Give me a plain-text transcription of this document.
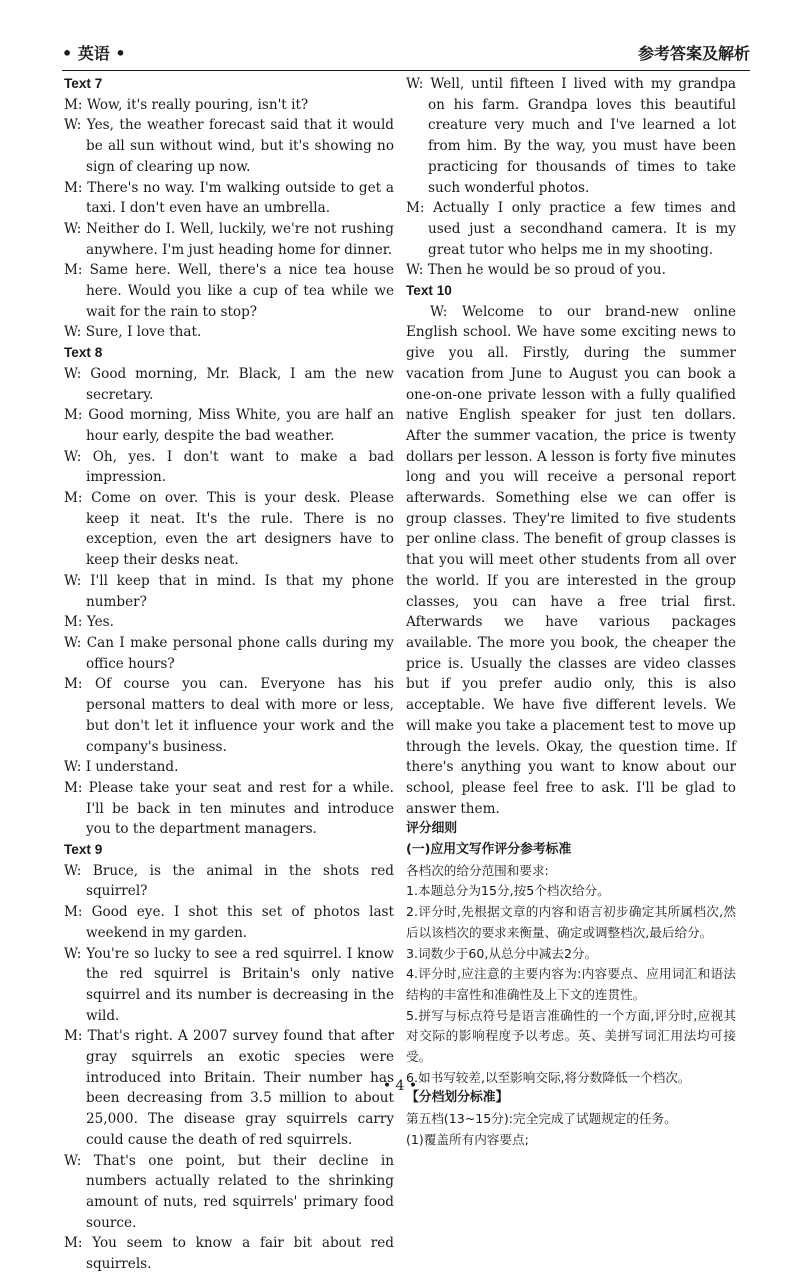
• 英语 •	参考答案及解析
Text 7
M: Wow, it's really pouring, isn't it?
W: Yes, the weather forecast said that it would be all sun without wind, but it's showing no sign of clearing up now.
M: There's no way. I'm walking outside to get a taxi. I don't even have an umbrella.
W: Neither do I. Well, luckily, we're not rushing anywhere. I'm just heading home for dinner.
M: Same here. Well, there's a nice tea house here. Would you like a cup of tea while we wait for the rain to stop?
W: Sure, I love that.
Text 8
W: Good morning, Mr. Black, I am the new secretary.
M: Good morning, Miss White, you are half an hour early, despite the bad weather.
W: Oh, yes. I don't want to make a bad impression.
M: Come on over. This is your desk. Please keep it neat. It's the rule. There is no exception, even the art designers have to keep their desks neat.
W: I'll keep that in mind. Is that my phone number?
M: Yes.
W: Can I make personal phone calls during my office hours?
M: Of course you can. Everyone has his personal matters to deal with more or less, but don't let it influence your work and the company's business.
W: I understand.
M: Please take your seat and rest for a while. I'll be back in ten minutes and introduce you to the department managers.
Text 9
W: Bruce, is the animal in the shots red squirrel?
M: Good eye. I shot this set of photos last weekend in my garden.
W: You're so lucky to see a red squirrel. I know the red squirrel is Britain's only native squirrel and its number is decreasing in the wild.
M: That's right. A 2007 survey found that after gray squirrels an exotic species were introduced into Britain. Their number has been decreasing from 3.5 million to about 25,000. The disease gray squirrels carry could cause the death of red squirrels.
W: That's one point, but their decline in numbers actually related to the shrinking amount of nuts, red squirrels' primary food source.
M: You seem to know a fair bit about red squirrels.
W: Well, until fifteen I lived with my grandpa on his farm. Grandpa loves this beautiful creature very much and I've learned a lot from him. By the way, you must have been practicing for thousands of times to take such wonderful photos.
M: Actually I only practice a few times and used just a secondhand camera. It is my great tutor who helps me in my shooting.
W: Then he would be so proud of you.
Text 10
W: Welcome to our brand-new online English school. We have some exciting news to give you all. Firstly, during the summer vacation from June to August you can book a one-on-one private lesson with a fully qualified native English speaker for just ten dollars. After the summer vacation, the price is twenty dollars per lesson. A lesson is forty five minutes long and you will receive a personal report afterwards. Something else we can offer is group classes. They're limited to five students per online class. The benefit of group classes is that you will meet other students from all over the world. If you are interested in the group classes, you can have a free trial first. Afterwards we have various packages available. The more you book, the cheaper the price is. Usually the classes are video classes but if you prefer audio only, this is also acceptable. We have five different levels. We will make you take a placement test to move up through the levels. Okay, the question time. If there's anything you want to know about our school, please feel free to ask. I'll be glad to answer them.
评分细则
(一)应用文写作评分参考标准
各档次的给分范围和要求:
1.本题总分为15分,按5个档次给分。
2.评分时,先根据文章的内容和语言初步确定其所属档次,然后以该档次的要求来衡量、确定或调整档次,最后给分。
3.词数少于60,从总分中减去2分。
4.评分时,应注意的主要内容为:内容要点、应用词汇和语法结构的丰富性和准确性及上下文的连贯性。
5.拼写与标点符号是语言准确性的一个方面,评分时,应视其对交际的影响程度予以考虑。英、美拼写词汇用法均可接受。
6.如书写较差,以至影响交际,将分数降低一个档次。
【分档划分标准】
第五档(13~15分):完全完成了试题规定的任务。
(1)覆盖所有内容要点;
• 4 •
